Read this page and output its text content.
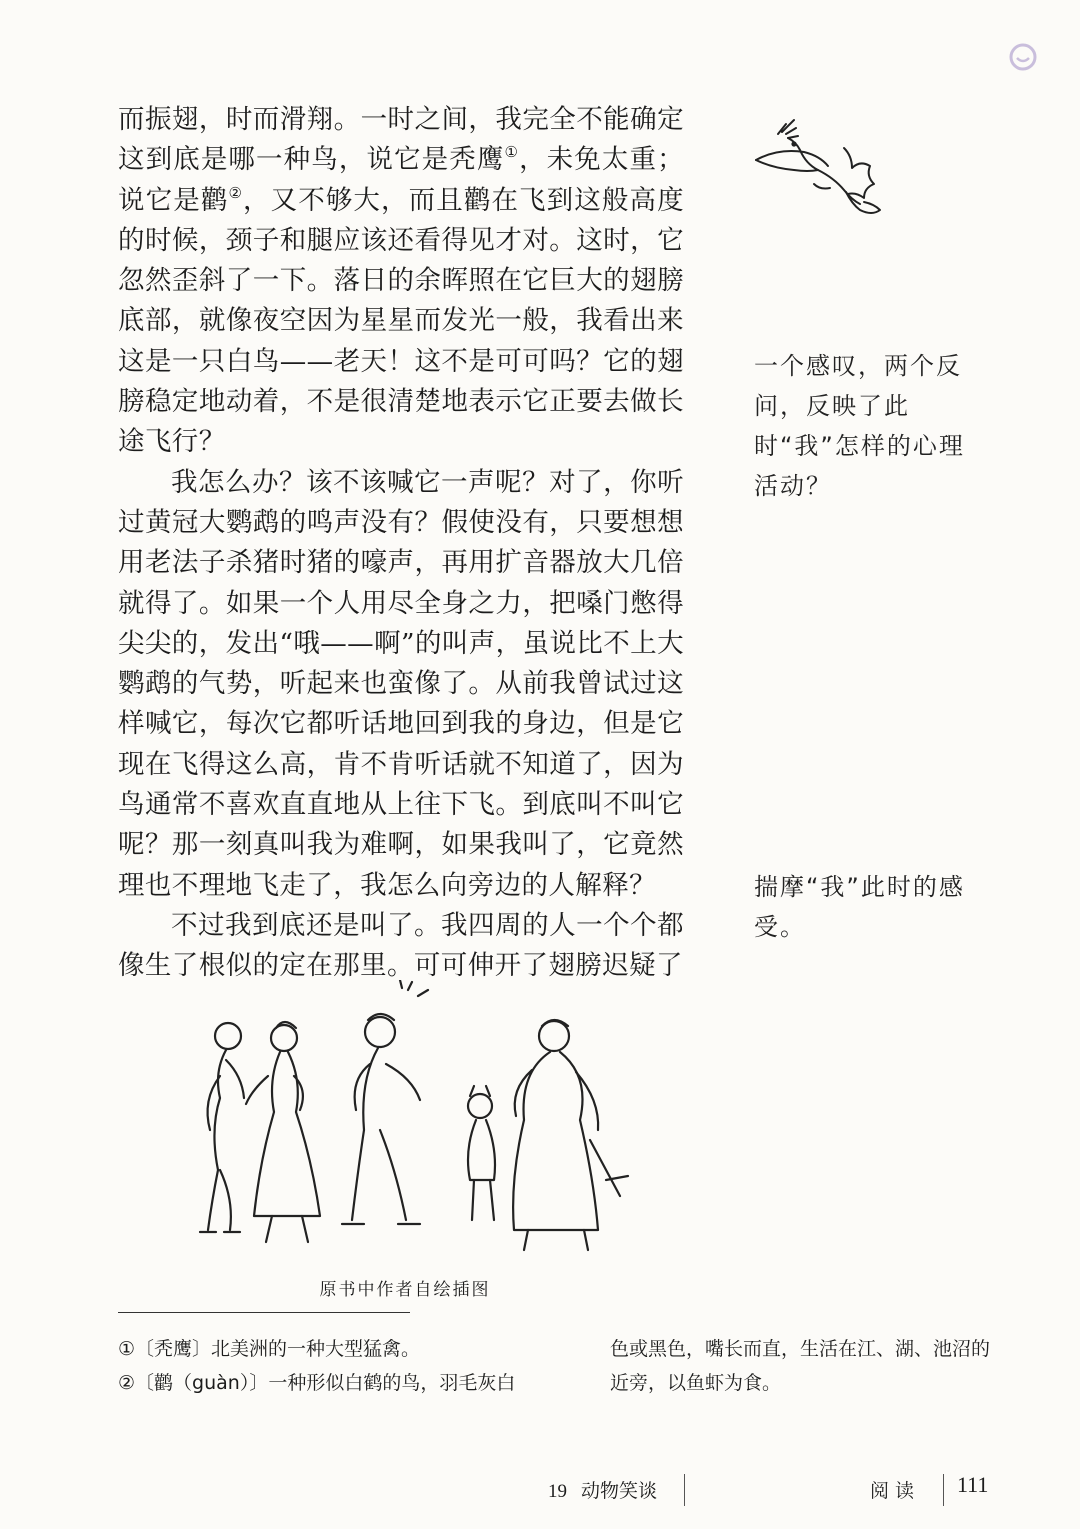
而振翅，时而滑翔。一时之间，我完全不能确定这到底是哪一种鸟，说它是秃鹰①，未免太重；说它是鹳②，又不够大，而且鹳在飞到这般高度的时候，颈子和腿应该还看得见才对。这时，它忽然歪斜了一下。落日的余晖照在它巨大的翅膀底部，就像夜空因为星星而发光一般，我看出来这是一只白鸟——老天！这不是可可吗？它的翅膀稳定地动着，不是很清楚地表示它正要去做长途飞行？

我怎么办？该不该喊它一声呢？对了，你听过黄冠大鹦鹉的鸣声没有？假使没有，只要想想用老法子杀猪时猪的嚎声，再用扩音器放大几倍就得了。如果一个人用尽全身之力，把嗓门憋得尖尖的，发出“哦——啊”的叫声，虽说比不上大鹦鹉的气势，听起来也蛮像了。从前我曾试过这样喊它，每次它都听话地回到我的身边，但是它现在飞得这么高，肯不肯听话就不知道了，因为鸟通常不喜欢直直地从上往下飞。到底叫不叫它呢？那一刻真叫我为难啊，如果我叫了，它竟然理也不理地飞走了，我怎么向旁边的人解释？

不过我到底还是叫了。我四周的人一个个都像生了根似的定在那里。可可伸开了翅膀迟疑了

一个感叹，两个反问，反映了此时“我”怎样的心理活动？
揣摩“我”此时的感受。
原书中作者自绘插图
①〔秃鹰〕北美洲的一种大型猛禽。
②〔鹳（guàn）〕一种形似白鹤的鸟，羽毛灰白
色或黑色，嘴长而直，生活在江、湖、池沼的近旁，以鱼虾为食。
19 动物笑谈	阅读 111
